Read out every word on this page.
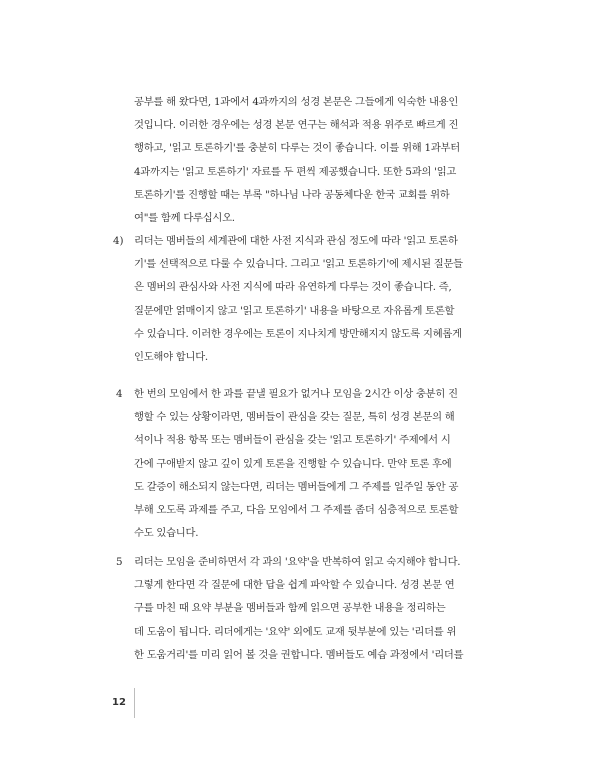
공부를 해 왔다면, 1과에서 4과까지의 성경 본문은 그들에게 익숙한 내용인
것입니다. 이러한 경우에는 성경 본문 연구는 해석과 적용 위주로 빠르게 진
행하고, '읽고 토론하기'를 충분히 다루는 것이 좋습니다. 이를 위해 1과부터
4과까지는 '읽고 토론하기' 자료를 두 편씩 제공했습니다. 또한 5과의 '읽고
토론하기'를 진행할 때는 부록 "하나님 나라 공동체다운 한국 교회를 위하
여"를 함께 다루십시오.
4) 리더는 멤버들의 세계관에 대한 사전 지식과 관심 정도에 따라 '읽고 토론하
기'를 선택적으로 다룰 수 있습니다. 그리고 '읽고 토론하기'에 제시된 질문들
은 멤버의 관심사와 사전 지식에 따라 유연하게 다루는 것이 좋습니다. 즉,
질문에만 얽매이지 않고 '읽고 토론하기' 내용을 바탕으로 자유롭게 토론할
수 있습니다. 이러한 경우에는 토론이 지나치게 방만해지지 않도록 지혜롭게
인도해야 합니다.
4 한 번의 모임에서 한 과를 끝낼 필요가 없거나 모임을 2시간 이상 충분히 진
행할 수 있는 상황이라면, 멤버들이 관심을 갖는 질문, 특히 성경 본문의 해
석이나 적용 항목 또는 멤버들이 관심을 갖는 '읽고 토론하기' 주제에서 시
간에 구애받지 않고 깊이 있게 토론을 진행할 수 있습니다. 만약 토론 후에
도 갈증이 해소되지 않는다면, 리더는 멤버들에게 그 주제를 일주일 동안 공
부해 오도록 과제를 주고, 다음 모임에서 그 주제를 좀더 심층적으로 토론할
수도 있습니다.
5 리더는 모임을 준비하면서 각 과의 '요약'을 반복하여 읽고 숙지해야 합니다.
그렇게 한다면 각 질문에 대한 답을 쉽게 파악할 수 있습니다. 성경 본문 연
구를 마친 때 요약 부분을 멤버들과 함께 읽으면 공부한 내용을 정리하는
데 도움이 됩니다. 리더에게는 '요약' 외에도 교재 뒷부분에 있는 '리더를 위
한 도움거리'를 미리 읽어 볼 것을 권합니다. 멤버들도 예습 과정에서 '리더를
12
